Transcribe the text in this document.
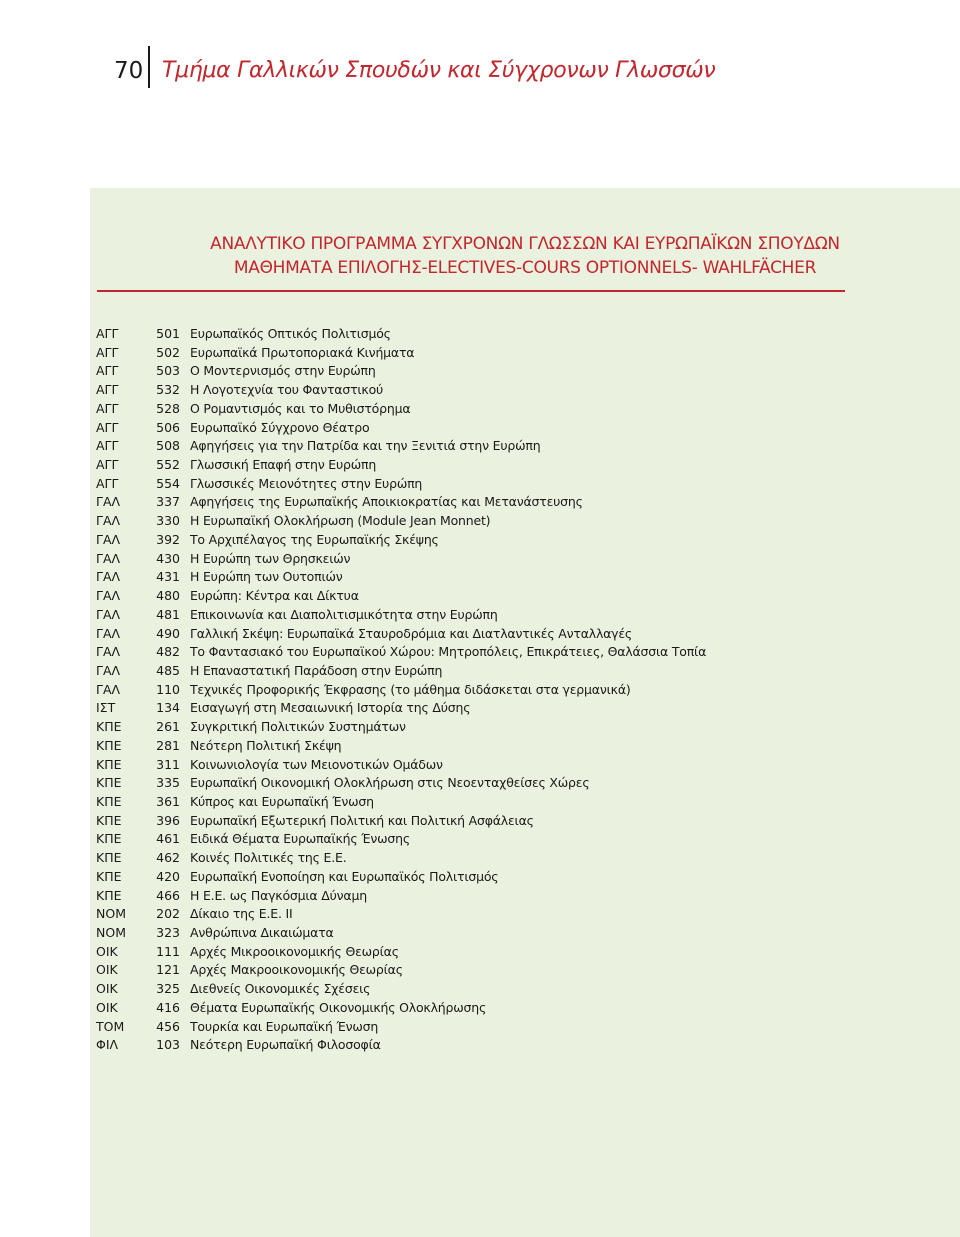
70 Τμήμα Γαλλικών Σπουδών και Σύγχρονων Γλωσσών
ΑΝΑΛΥΤΙΚΟ ΠΡΟΓΡΑΜΜΑ ΣΥΓΧΡΟΝΩΝ ΓΛΩΣΣΩΝ ΚΑΙ ΕΥΡΩΠΑΪΚΩΝ ΣΠΟΥΔΩΝ
ΜΑΘΗΜΑΤΑ ΕΠΙΛΟΓΗΣ-ELECTIVES-COURS OPTIONNELS- WAHLFÄCHER
ΑΓΓ	501 Ευρωπαϊκός Οπτικός Πολιτισμός
ΑΓΓ	502 Ευρωπαϊκά Πρωτοποριακά Κινήματα
ΑΓΓ	503 Ο Μοντερνισμός στην Ευρώπη
ΑΓΓ	532 Η Λογοτεχνία του Φανταστικού
ΑΓΓ	528 Ο Ρομαντισμός και το Μυθιστόρημα
ΑΓΓ	506 Ευρωπαϊκό Σύγχρονο Θέατρο
ΑΓΓ	508 Αφηγήσεις για την Πατρίδα και την Ξενιτιά στην Ευρώπη
ΑΓΓ	552 Γλωσσική Επαφή στην Ευρώπη
ΑΓΓ	554 Γλωσσικές Μειονότητες στην Ευρώπη
ΓΑΛ	337 Αφηγήσεις της Ευρωπαϊκής Αποικιοκρατίας και Μετανάστευσης
ΓΑΛ	330 Η Ευρωπαϊκή Ολοκλήρωση (Module Jean Monnet)
ΓΑΛ	392 Το Αρχιπέλαγος της Ευρωπαϊκής Σκέψης
ΓΑΛ	430 Η Ευρώπη των Θρησκειών
ΓΑΛ	431 Η Ευρώπη των Ουτοπιών
ΓΑΛ	480 Ευρώπη: Κέντρα και Δίκτυα
ΓΑΛ	481 Επικοινωνία και Διαπολιτισμικότητα στην Ευρώπη
ΓΑΛ	490 Γαλλική Σκέψη: Ευρωπαϊκά Σταυροδρόμια και Διατλαντικές Ανταλλαγές
ΓΑΛ	482 Το Φαντασιακό του Ευρωπαϊκού Χώρου: Μητροπόλεις, Επικράτειες, Θαλάσσια Τοπία
ΓΑΛ	485 Η Επαναστατική Παράδοση στην Ευρώπη
ΓΑΛ	110 Τεχνικές Προφορικής Έκφρασης (το μάθημα διδάσκεται στα γερμανικά)
ΙΣΤ	134 Εισαγωγή στη Μεσαιωνική Ιστορία της Δύσης
ΚΠΕ	261 Συγκριτική Πολιτικών Συστημάτων
ΚΠΕ	281 Νεότερη Πολιτική Σκέψη
ΚΠΕ	311 Κοινωνιολογία των Μειονοτικών Ομάδων
ΚΠΕ	335 Ευρωπαϊκή Οικονομική Ολοκλήρωση στις Νεοενταχθείσες Χώρες
ΚΠΕ	361 Κύπρος και Ευρωπαϊκή Ένωση
ΚΠΕ	396 Ευρωπαϊκή Εξωτερική Πολιτική και Πολιτική Ασφάλειας
ΚΠΕ	461 Ειδικά Θέματα Ευρωπαϊκής Ένωσης
ΚΠΕ	462 Κοινές Πολιτικές της Ε.Ε.
ΚΠΕ	420 Ευρωπαϊκή Ενοποίηση και Ευρωπαϊκός Πολιτισμός
ΚΠΕ	466 Η Ε.Ε. ως Παγκόσμια Δύναμη
ΝΟΜ	202 Δίκαιο της Ε.Ε. ΙΙ
ΝΟΜ	323 Ανθρώπινα Δικαιώματα
ΟΙΚ	111 Αρχές Μικροοικονομικής Θεωρίας
ΟΙΚ	121 Αρχές Μακροοικονομικής Θεωρίας
ΟΙΚ	325 Διεθνείς Οικονομικές Σχέσεις
ΟΙΚ	416 Θέματα Ευρωπαϊκής Οικονομικής Ολοκλήρωσης
ΤΟΜ	456 Τουρκία και Ευρωπαϊκή Ένωση
ΦΙΛ	103 Νεότερη Ευρωπαϊκή Φιλοσοφία
